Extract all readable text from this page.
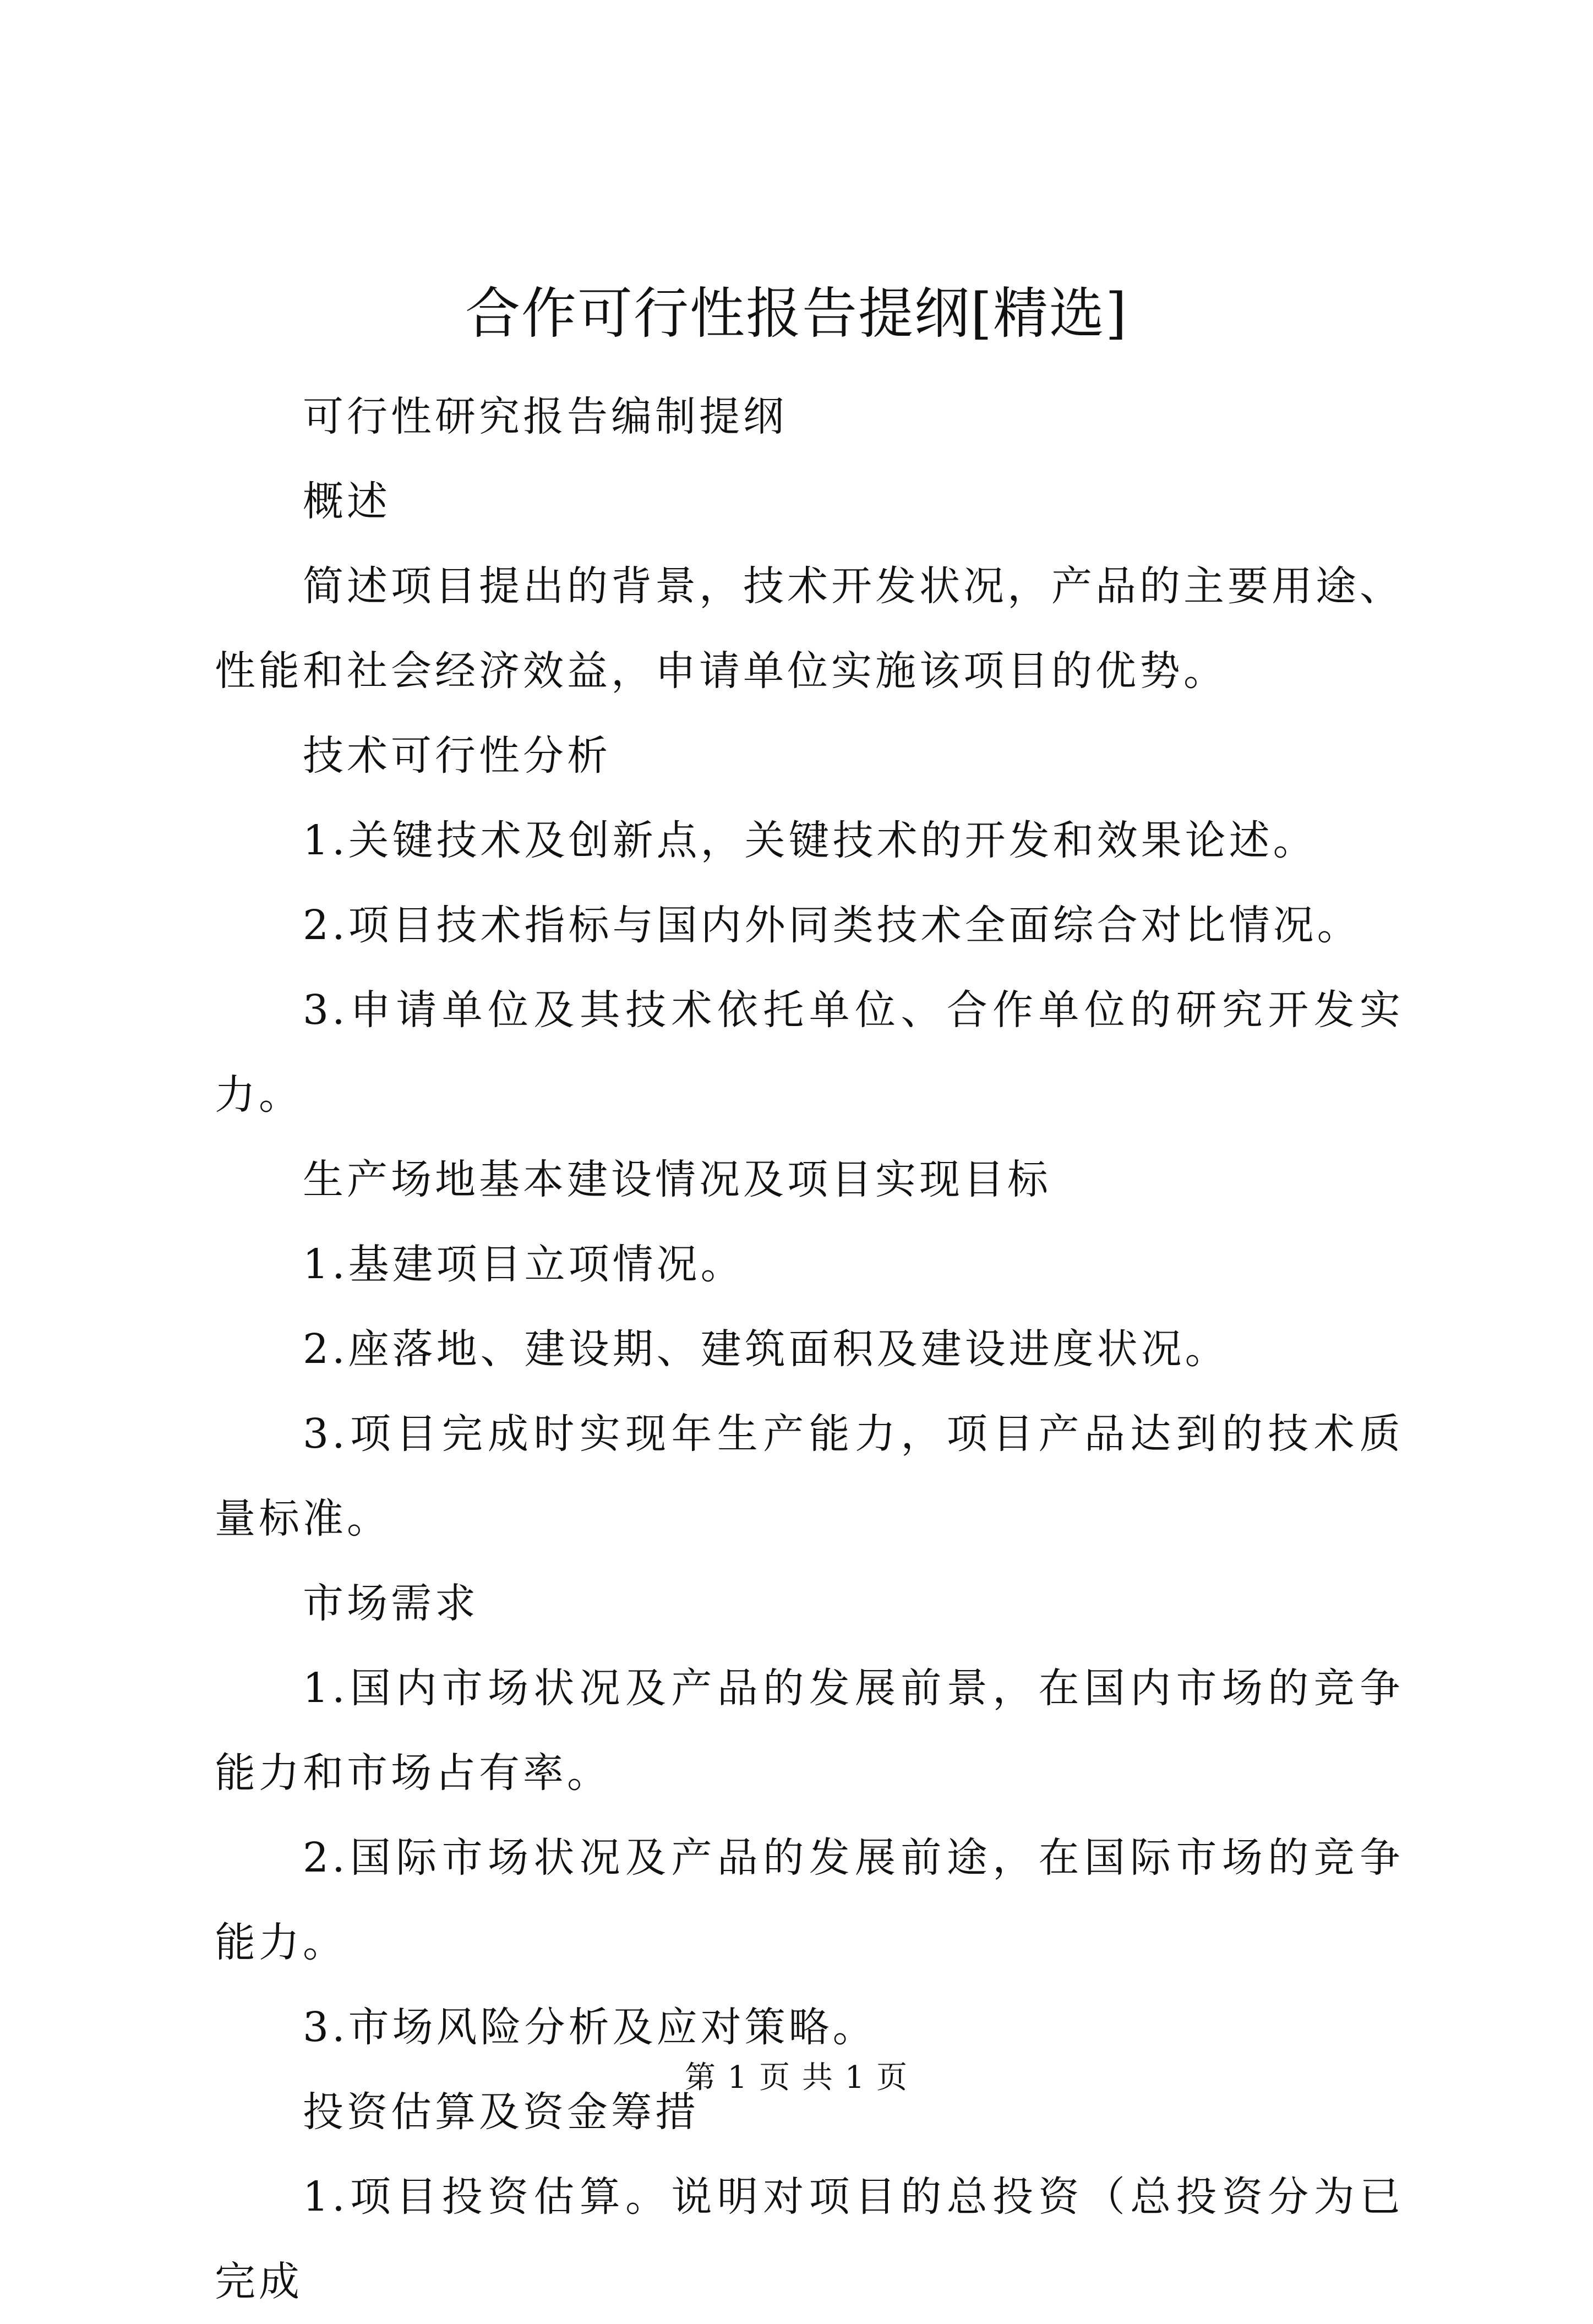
合作可行性报告提纲[精选]

可行性研究报告编制提纲

概述

简述项目提出的背景，技术开发状况，产品的主要用途、性能和社会经济效益，申请单位实施该项目的优势。

技术可行性分析

1.关键技术及创新点，关键技术的开发和效果论述。

2.项目技术指标与国内外同类技术全面综合对比情况。

3.申请单位及其技术依托单位、合作单位的研究开发实力。

生产场地基本建设情况及项目实现目标

1.基建项目立项情况。

2.座落地、建设期、建筑面积及建设进度状况。

3.项目完成时实现年生产能力，项目产品达到的技术质量标准。

市场需求

1.国内市场状况及产品的发展前景，在国内市场的竞争能力和市场占有率。

2.国际市场状况及产品的发展前途，在国际市场的竞争能力。

3.市场风险分析及应对策略。

投资估算及资金筹措

1.项目投资估算。说明对项目的总投资（总投资分为已完成

第 1 页 共 1 页
